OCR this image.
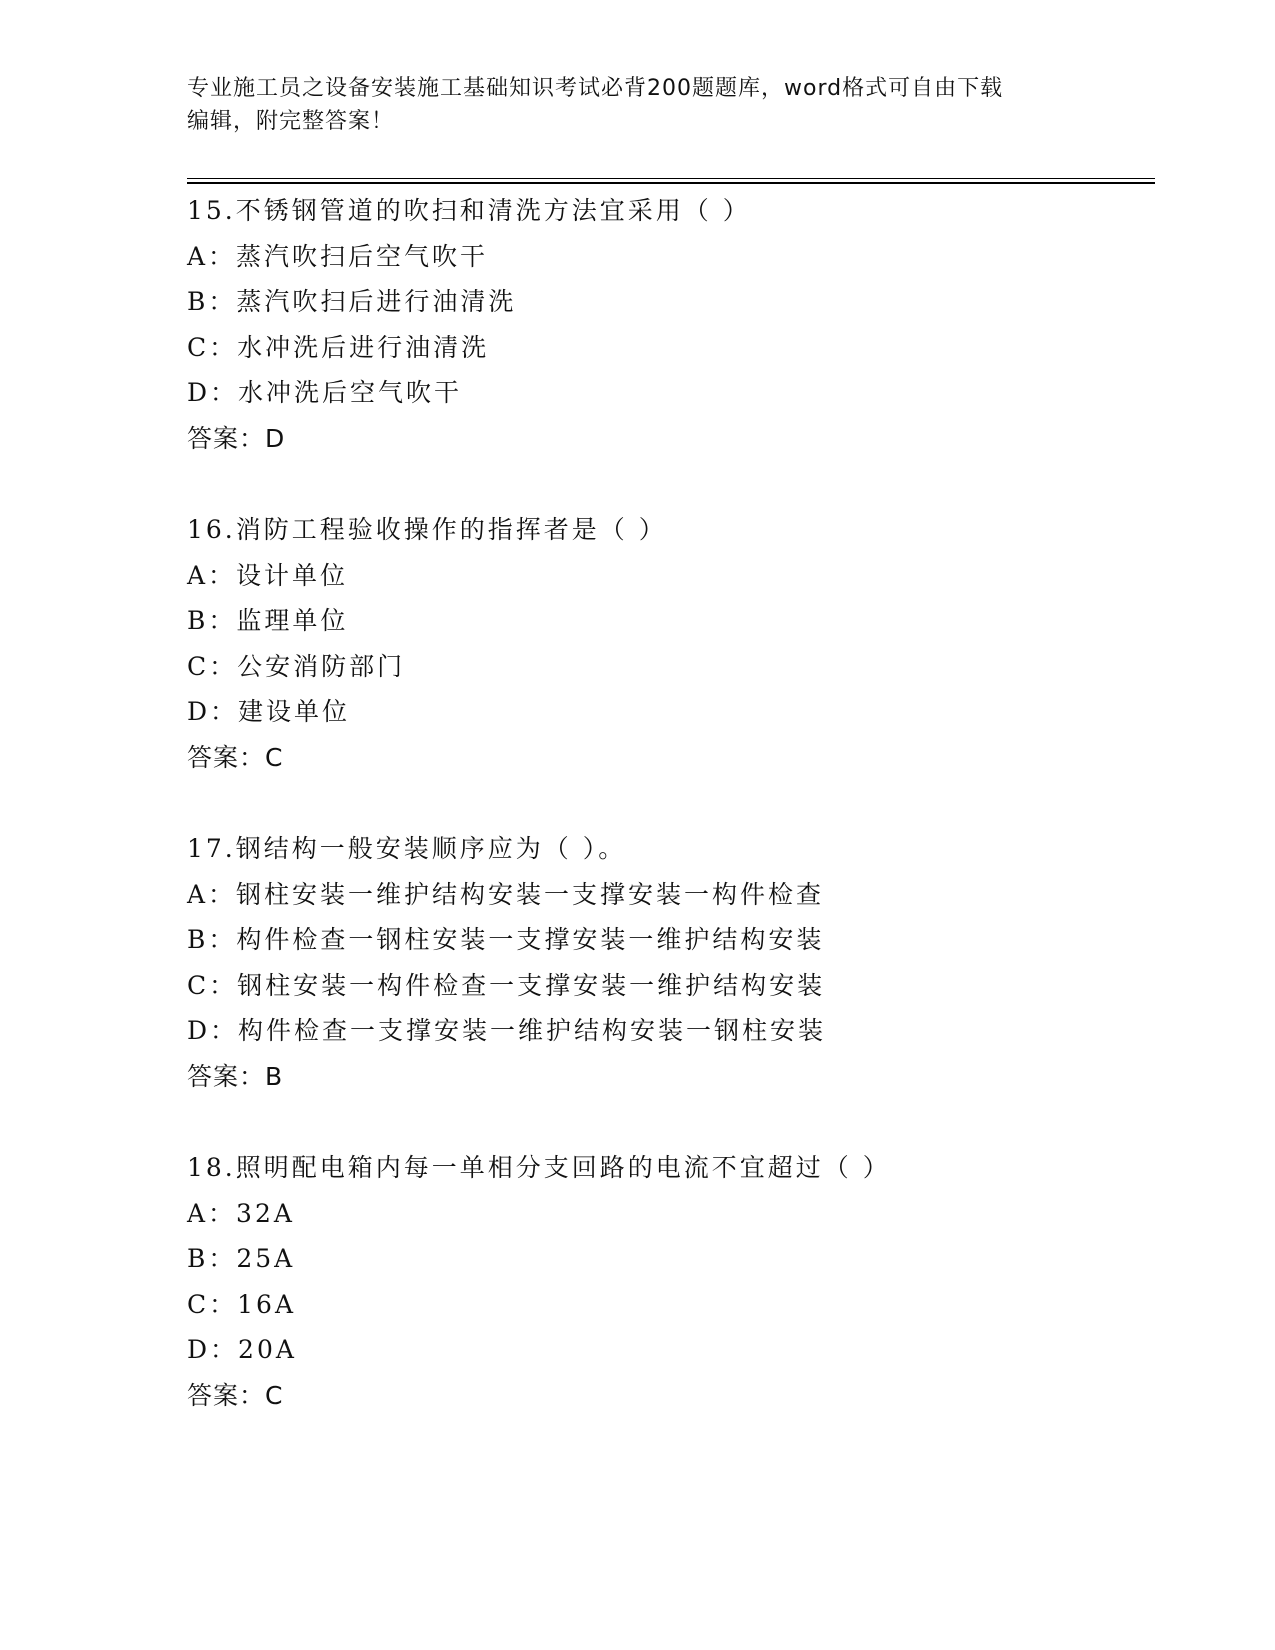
专业施工员之设备安装施工基础知识考试必背200题题库，word格式可自由下载
编辑，附完整答案！
15.不锈钢管道的吹扫和清洗方法宜采用（ ）
A：蒸汽吹扫后空气吹干
B：蒸汽吹扫后进行油清洗
C：水冲洗后进行油清洗
D：水冲洗后空气吹干
答案：D
16.消防工程验收操作的指挥者是（ ）
A：设计单位
B：监理单位
C：公安消防部门
D：建设单位
答案：C
17.钢结构一般安装顺序应为（ ）。
A：钢柱安装一维护结构安装一支撑安装一构件检查
B：构件检查一钢柱安装一支撑安装一维护结构安装
C：钢柱安装一构件检查一支撑安装一维护结构安装
D：构件检查一支撑安装一维护结构安装一钢柱安装
答案：B
18.照明配电箱内每一单相分支回路的电流不宜超过（ ）
A：32A
B：25A
C：16A
D：20A
答案：C
